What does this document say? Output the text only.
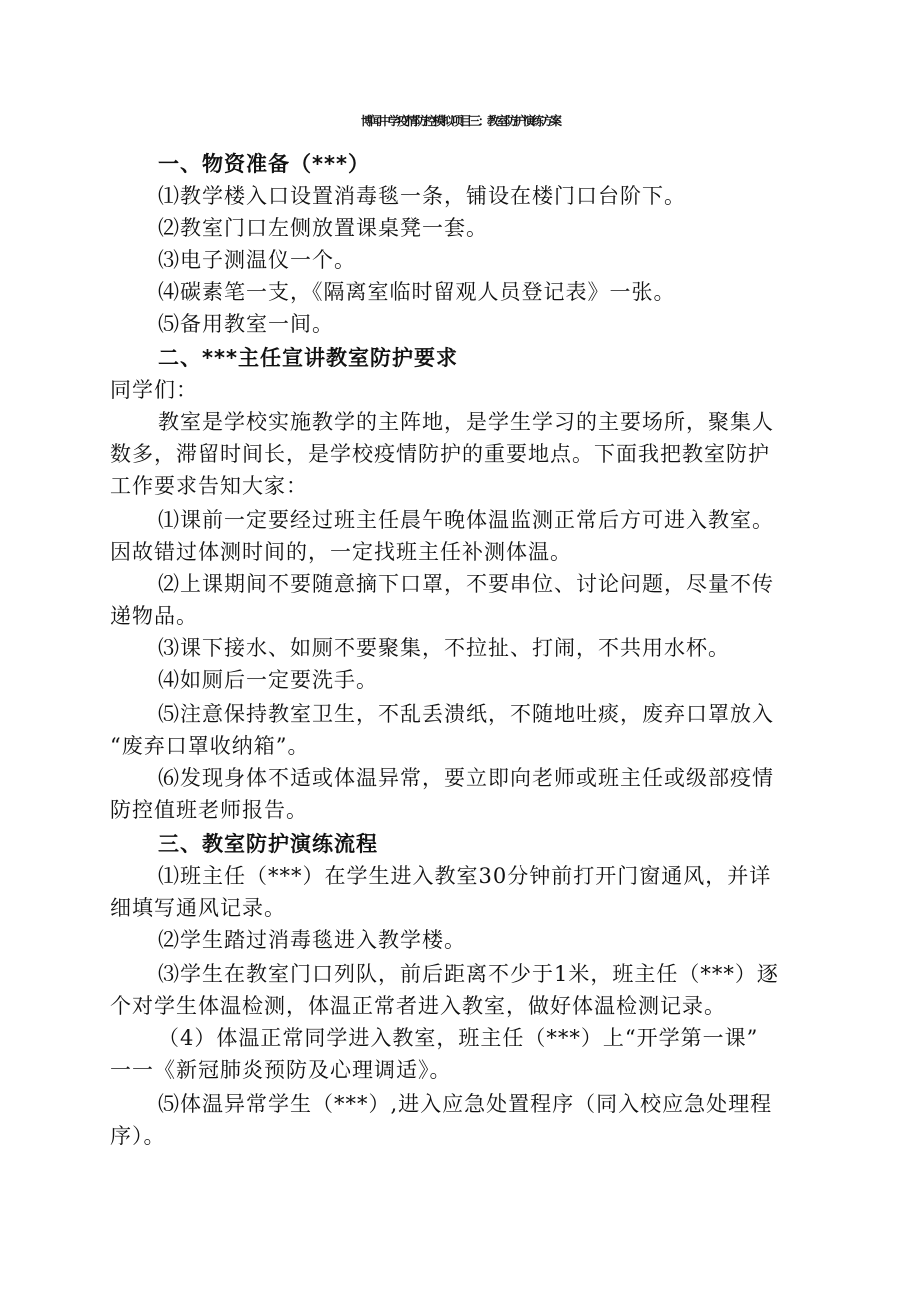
博闻中学疫情防控模拟项目三：教室防护演练方案
一、物资准备（***）
⑴教学楼入口设置消毒毯一条，铺设在楼门口台阶下。
⑵教室门口左侧放置课桌凳一套。
⑶电子测温仪一个。
⑷碳素笔一支，《隔离室临时留观人员登记表》一张。
⑸备用教室一间。
二、***主任宣讲教室防护要求
同学们：
教室是学校实施教学的主阵地，是学生学习的主要场所，聚集人
数多，滞留时间长，是学校疫情防护的重要地点。下面我把教室防护
工作要求告知大家：
⑴课前一定要经过班主任晨午晚体温监测正常后方可进入教室。
因故错过体测时间的，一定找班主任补测体温。
⑵上课期间不要随意摘下口罩，不要串位、讨论问题，尽量不传
递物品。
⑶课下接水、如厕不要聚集，不拉扯、打闹，不共用水杯。
⑷如厕后一定要洗手。
⑸注意保持教室卫生，不乱丢溃纸，不随地吐痰，废弃口罩放入
“废弃口罩收纳箱”。
⑹发现身体不适或体温异常，要立即向老师或班主任或级部疫情
防控值班老师报告。
三、教室防护演练流程
⑴班主任（***）在学生进入教室30分钟前打开门窗通风，并详
细填写通风记录。
⑵学生踏过消毒毯进入教学楼。
⑶学生在教室门口列队，前后距离不少于1米，班主任（***）逐
个对学生体温检测，体温正常者进入教室，做好体温检测记录。
（4）体温正常同学进入教室，班主任（***）上“开学第一课”
一一《新冠肺炎预防及心理调适》。
⑸体温异常学生（***）,进入应急处置程序（同入校应急处理程
序）。
